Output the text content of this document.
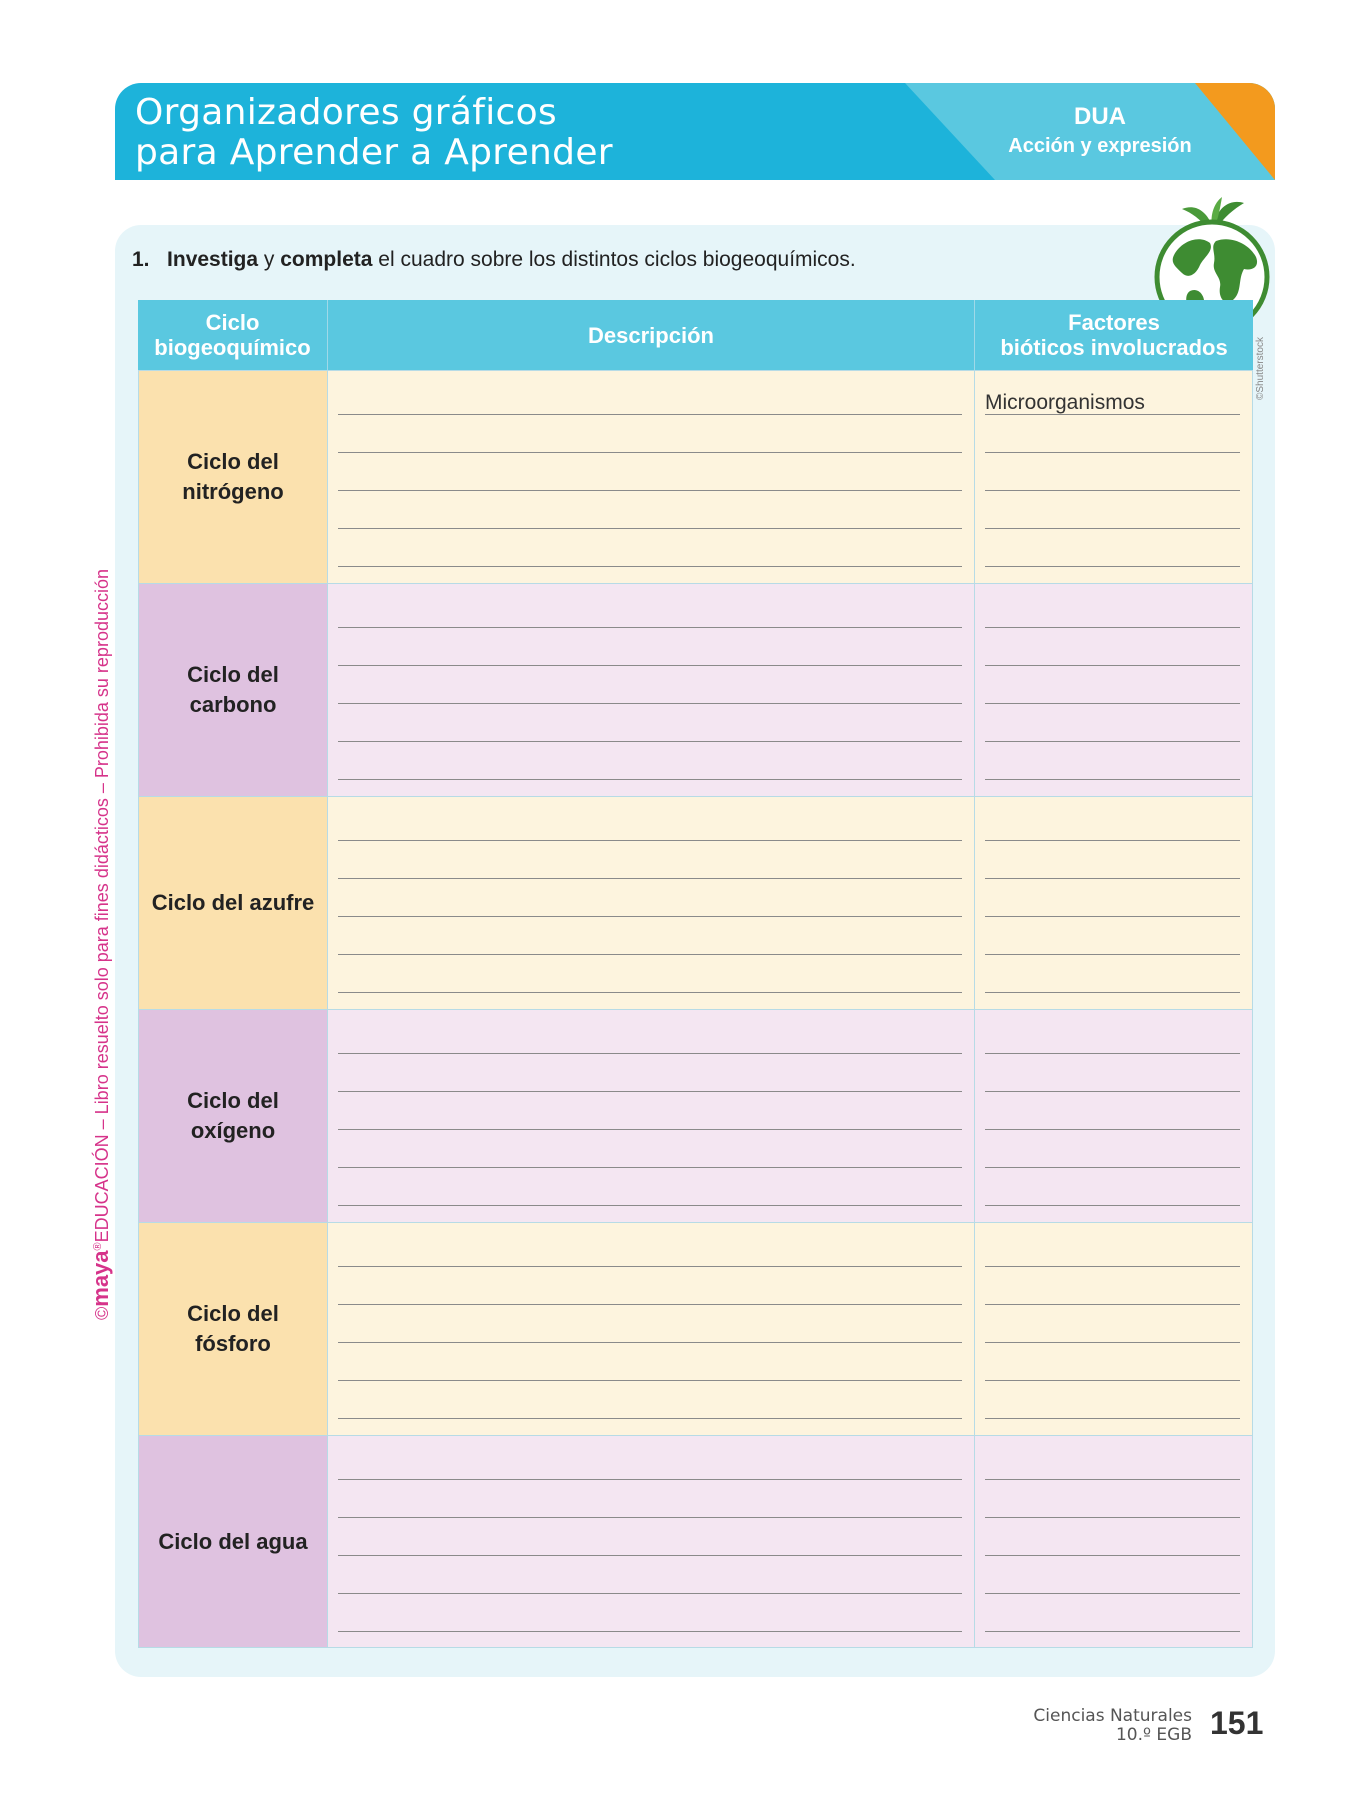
Organizadores gráficos
para Aprender a Aprender
DUA
Acción y expresión
1. Investiga y completa el cuadro sobre los distintos ciclos biogeoquímicos.
©Shutterstock
Ciclo
biogeoquímico	Descripción	Factores
bióticos involucrados
Ciclo del
nitrógeno
Microorganismos
Ciclo del
carbono
Ciclo del azufre
Ciclo del
oxígeno
Ciclo del
fósforo
Ciclo del agua
©maya®EDUCACIÓN – Libro resuelto solo para fines didácticos – Prohibida su reproducción
Ciencias Naturales
10.º EGB 151
